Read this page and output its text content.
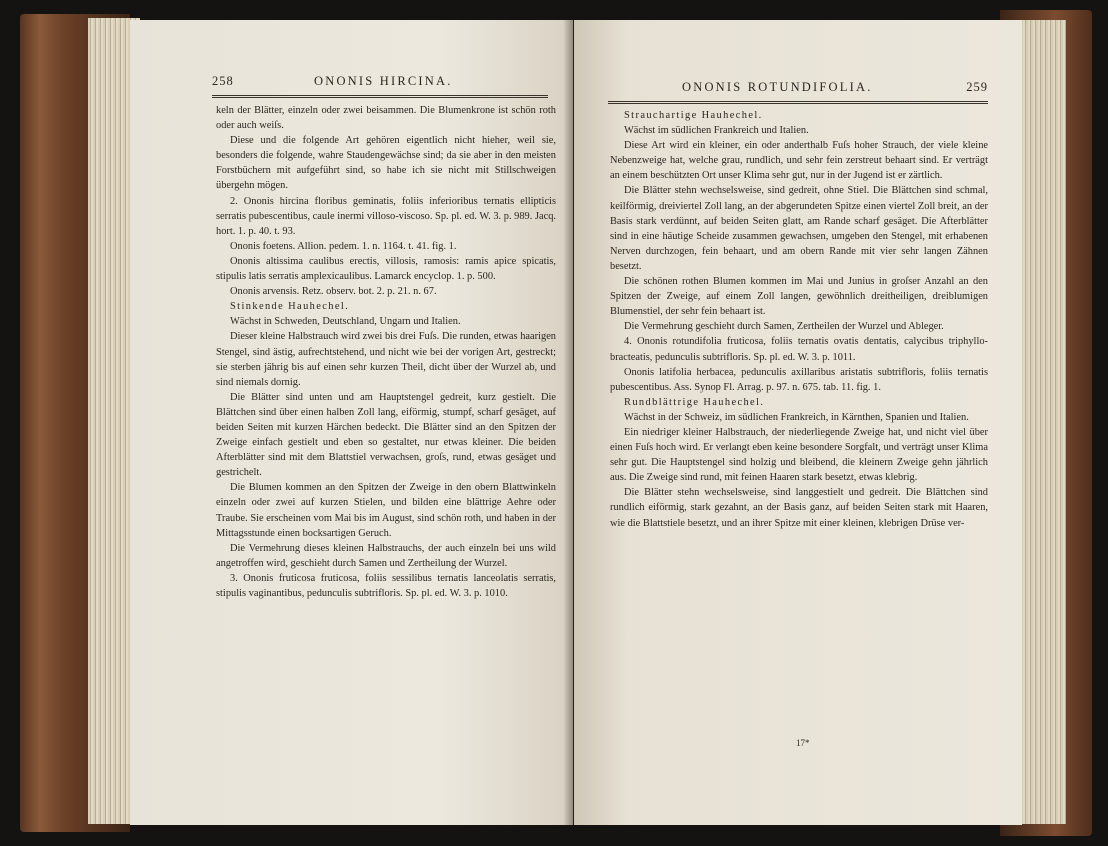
258	ONONIS HIRCINA.

keln der Blätter, einzeln oder zwei beisammen. Die Blumenkrone ist schön roth oder auch weiſs.

Diese und die folgende Art gehören eigentlich nicht hieher, weil sie, besonders die folgende, wahre Staudengewächse sind; da sie aber in den meisten Forstbüchern mit aufgeführt sind, so habe ich sie nicht mit Stillschweigen übergehn mögen.

2. Ononis hircina floribus geminatis, foliis inferioribus ternatis ellipticis serratis pubescentibus, caule inermi villoso-viscoso. Sp. pl. ed. W. 3. p. 989. Jacq. hort. 1. p. 40. t. 93.

Ononis foetens. Allion. pedem. 1. n. 1164. t. 41. fig. 1.

Ononis altissima caulibus erectis, villosis, ramosis: ramis apice spicatis, stipulis latis serratis amplexicaulibus. Lamarck encyclop. 1. p. 500.

Ononis arvensis. Retz. observ. bot. 2. p. 21. n. 67.

Stinkende Hauhechel.

Wächst in Schweden, Deutschland, Ungarn und Italien.

Dieser kleine Halbstrauch wird zwei bis drei Fuſs. Die runden, etwas haarigen Stengel, sind ästig, aufrechtstehend, und nicht wie bei der vorigen Art, gestreckt; sie sterben jährig bis auf einen sehr kurzen Theil, dicht über der Wurzel ab, und sind niemals dornig.

Die Blätter sind unten und am Hauptstengel gedreit, kurz gestielt. Die Blättchen sind über einen halben Zoll lang, eiförmig, stumpf, scharf gesäget, auf beiden Seiten mit kurzen Härchen bedeckt. Die Blätter sind an den Spitzen der Zweige einfach gestielt und eben so gestaltet, nur etwas kleiner. Die beiden Afterblätter sind mit dem Blattstiel verwachsen, groſs, rund, etwas gesäget und gestrichelt.

Die Blumen kommen an den Spitzen der Zweige in den obern Blattwinkeln einzeln oder zwei auf kurzen Stielen, und bilden eine blättrige Aehre oder Traube. Sie erscheinen vom Mai bis im August, sind schön roth, und haben in der Mittagsstunde einen bocksartigen Geruch.

Die Vermehrung dieses kleinen Halbstrauchs, der auch einzeln bei uns wild angetroffen wird, geschieht durch Samen und Zertheilung der Wurzel.

3. Ononis fruticosa fruticosa, foliis sessilibus ternatis lanceolatis serratis, stipulis vaginantibus, pedunculis subtrifloris. Sp. pl. ed. W. 3. p. 1010.

ONONIS ROTUNDIFOLIA.	259

Strauchartige Hauhechel.

Wächst im südlichen Frankreich und Italien.

Diese Art wird ein kleiner, ein oder anderthalb Fuſs hoher Strauch, der viele kleine Nebenzweige hat, welche grau, rundlich, und sehr fein zerstreut behaart sind. Er verträgt an einem beschützten Ort unser Klima sehr gut, nur in der Jugend ist er zärtlich.

Die Blätter stehn wechselsweise, sind gedreit, ohne Stiel. Die Blättchen sind schmal, keilförmig, dreiviertel Zoll lang, an der abgerundeten Spitze einen viertel Zoll breit, an der Basis stark verdünnt, auf beiden Seiten glatt, am Rande scharf gesäget. Die Afterblätter sind in eine häutige Scheide zusammen gewachsen, umgeben den Stengel, mit erhabenen Nerven durchzogen, fein behaart, und am obern Rande mit vier sehr langen Zähnen besetzt.

Die schönen rothen Blumen kommen im Mai und Junius in groſser Anzahl an den Spitzen der Zweige, auf einem Zoll langen, gewöhnlich dreitheiligen, dreiblumigen Blumenstiel, der sehr fein behaart ist.

Die Vermehrung geschieht durch Samen, Zertheilen der Wurzel und Ableger.

4. Ononis rotundifolia fruticosa, foliis ternatis ovatis dentatis, calycibus triphyllo-bracteatis, pedunculis subtrifloris. Sp. pl. ed. W. 3. p. 1011.

Ononis latifolia herbacea, pedunculis axillaribus aristatis subtrifloris, foliis ternatis pubescentibus. Ass. Synop Fl. Arrag. p. 97. n. 675. tab. 11. fig. 1.

Rundblättrige Hauhechel.

Wächst in der Schweiz, im südlichen Frankreich, in Kärnthen, Spanien und Italien.

Ein niedriger kleiner Halbstrauch, der niederliegende Zweige hat, und nicht viel über einen Fuſs hoch wird. Er verlangt eben keine besondere Sorgfalt, und verträgt unser Klima sehr gut. Die Hauptstengel sind holzig und bleibend, die kleinern Zweige gehn jährlich aus. Die Zweige sind rund, mit feinen Haaren stark besetzt, etwas klebrig.

Die Blätter stehn wechselsweise, sind langgestielt und gedreit. Die Blättchen sind rundlich eiförmig, stark gezahnt, an der Basis ganz, auf beiden Seiten stark mit Haaren, wie die Blattstiele besetzt, und an ihrer Spitze mit einer kleinen, klebrigen Drüse ver-

17*
